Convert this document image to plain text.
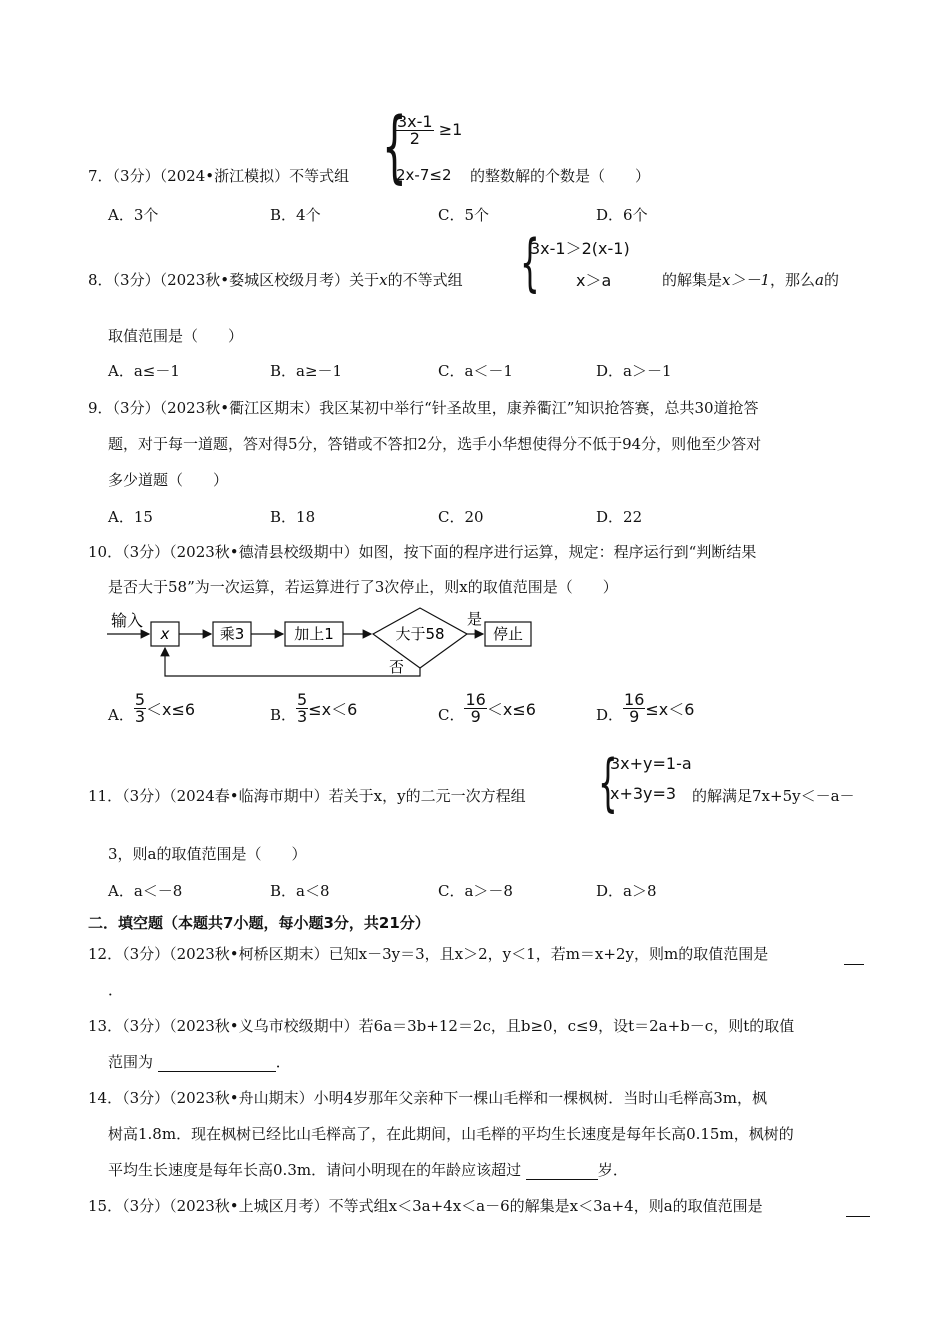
7．（3分）（2024•浙江模拟）不等式组 {
$\frac{3x-1}{2} \ge 1$
2x-7≤2 的整数解的个数是（　　）
A．3个	B．4个	C．5个	D．6个
8．（3分）（2023秋•婺城区校级月考）关于x的不等式组 {
3x-1＞2(x-1)
x＞a	的解集是x＞－1，那么a的
取值范围是（　　）
A．a≤－1	B．a≥－1	C．a＜－1	D．a＞－1
9．（3分）（2023秋•衢江区期末）我区某初中举行“针圣故里，康养衢江”知识抢答赛，总共30道抢答
题，对于每一道题，答对得5分，答错或不答扣2分，选手小华想使得分不低于94分，则他至少答对
多少道题（　　）
A．15	B．18	C．20	D．22
10．（3分）（2023秋•德清县校级期中）如图，按下面的程序进行运算，规定：程序运行到“判断结果
是否大于58”为一次运算，若运算进行了3次停止，则x的取值范围是（　　）
输入
x	乘3	加上1	大于58
是
停止
否
A． $\frac{5}{3} <x\le 6$	B． $\frac{5}{3} \le x<6$	C． $\frac{16}{9} <x\le 6$	D． $\frac{16}{9} \le x<6$
11．（3分）（2024春•临海市期中）若关于x，y的二元一次方程组 {
3x+y=1-a
x+3y=3 的解满足7x+5y＜－a－
3，则a的取值范围是（　　）
A．a＜－8	B．a＜8	C．a＞－8	D．a＞8
二．填空题（本题共7小题，每小题3分，共21分）
12．（3分）（2023秋•柯桥区期末）已知x－3y＝3，且x＞2，y＜1，若m＝x+2y，则m的取值范围是
．
13．（3分）（2023秋•义乌市校级期中）若6a＝3b+12＝2c，且b≥0，c≤9，设t＝2a+b－c，则t的取值
范围为	．
14．（3分）（2023秋•舟山期末）小明4岁那年父亲种下一棵山毛榉和一棵枫树．当时山毛榉高3m，枫
树高1.8m．现在枫树已经比山毛榉高了，在此期间，山毛榉的平均生长速度是每年长高0.15m，枫树的
平均生长速度是每年长高0.3m．请问小明现在的年龄应该超过	岁．
15．（3分）（2023秋•上城区月考）不等式组x＜3a+4x＜a－6的解集是x＜3a+4，则a的取值范围是
